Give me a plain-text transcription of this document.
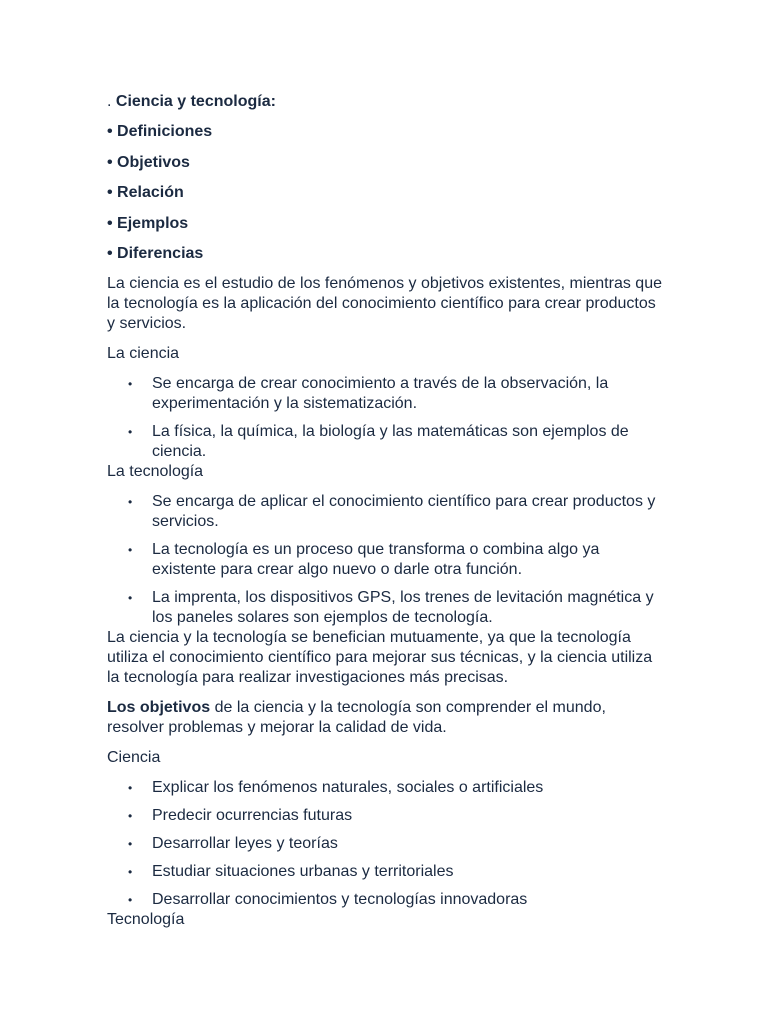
. Ciencia y tecnología:

• Definiciones

• Objetivos

• Relación

• Ejemplos

• Diferencias

La ciencia es el estudio de los fenómenos y objetivos existentes, mientras que la tecnología es la aplicación del conocimiento científico para crear productos y servicios.

La ciencia

• Se encarga de crear conocimiento a través de la observación, la experimentación y la sistematización.
• La física, la química, la biología y las matemáticas son ejemplos de ciencia.

La tecnología

• Se encarga de aplicar el conocimiento científico para crear productos y servicios.
• La tecnología es un proceso que transforma o combina algo ya existente para crear algo nuevo o darle otra función.
• La imprenta, los dispositivos GPS, los trenes de levitación magnética y los paneles solares son ejemplos de tecnología.

La ciencia y la tecnología se benefician mutuamente, ya que la tecnología utiliza el conocimiento científico para mejorar sus técnicas, y la ciencia utiliza la tecnología para realizar investigaciones más precisas.

Los objetivos de la ciencia y la tecnología son comprender el mundo, resolver problemas y mejorar la calidad de vida.

Ciencia

• Explicar los fenómenos naturales, sociales o artificiales
• Predecir ocurrencias futuras
• Desarrollar leyes y teorías
• Estudiar situaciones urbanas y territoriales
• Desarrollar conocimientos y tecnologías innovadoras

Tecnología
